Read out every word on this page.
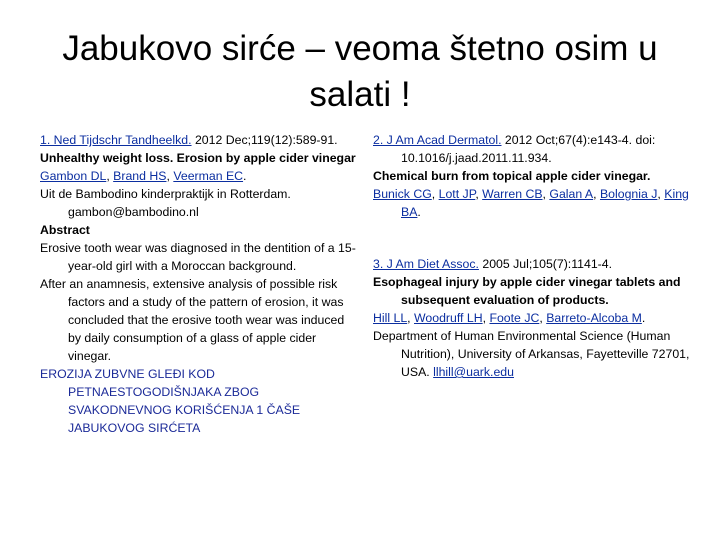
Jabukovo sirće – veoma štetno osim u salati !

1. Ned Tijdschr Tandheelkd. 2012 Dec;119(12):589-91.

Unhealthy weight loss. Erosion by apple cider vinegar

Gambon DL, Brand HS, Veerman EC.

Uit de Bambodino kinderpraktijk in Rotterdam. gambon@bambodino.nl

Abstract

Erosive tooth wear was diagnosed in the dentition of a 15-year-old girl with a Moroccan background.

After an anamnesis, extensive analysis of possible risk factors and a study of the pattern of erosion, it was concluded that the erosive tooth wear was induced by daily consumption of a glass of apple cider vinegar.

EROZIJA ZUBVNE GLEĐI KOD PETNAESTOGODIŠNJAKA ZBOG SVAKODNEVNOG KORIŠĆENJA 1 ČAŠE JABUKOVOG SIRĆETA

2. J Am Acad Dermatol. 2012 Oct;67(4):e143-4. doi: 10.1016/j.jaad.2011.11.934.

Chemical burn from topical apple cider vinegar.

Bunick CG, Lott JP, Warren CB, Galan A, Bolognia J, King BA.

3. J Am Diet Assoc. 2005 Jul;105(7):1141-4.

Esophageal injury by apple cider vinegar tablets and subsequent evaluation of products.

Hill LL, Woodruff LH, Foote JC, Barreto-Alcoba M.

Department of Human Environmental Science (Human Nutrition), University of Arkansas, Fayetteville 72701, USA. llhill@uark.edu
